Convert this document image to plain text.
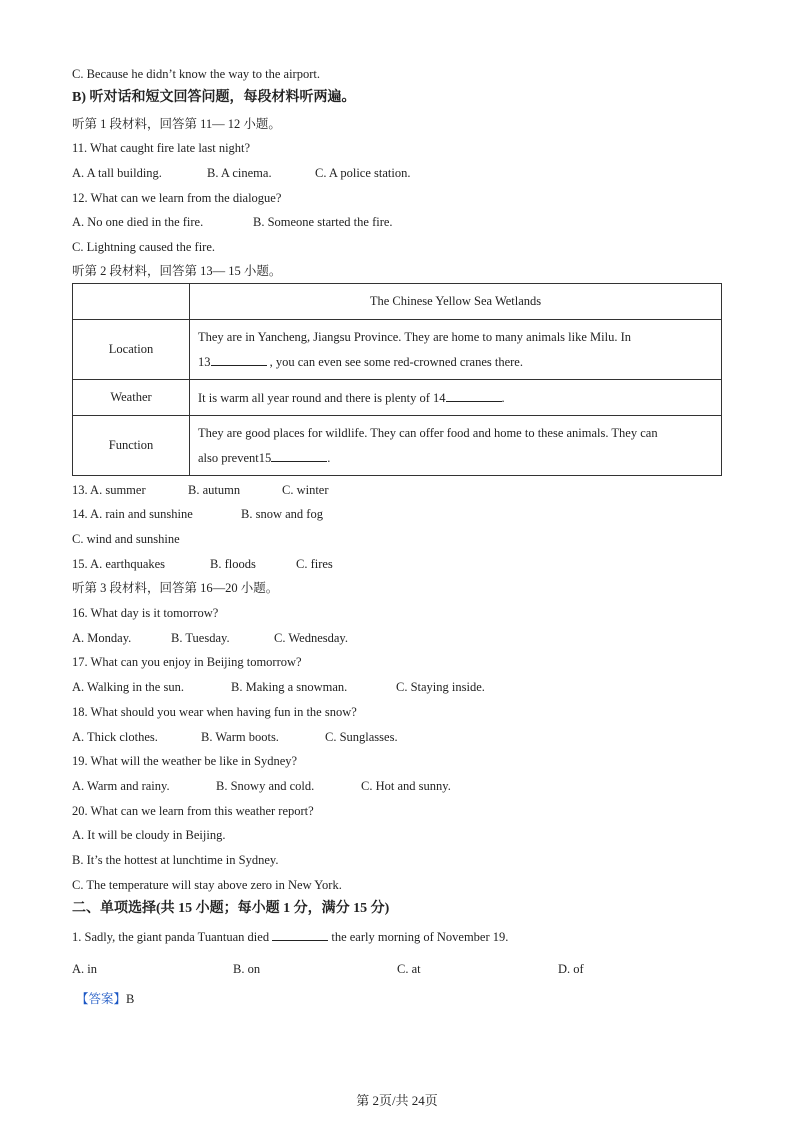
C. Because he didn’t know the way to the airport.
B) 听对话和短文回答问题，每段材料听两遍。
听第 1 段材料，回答第 11— 12 小题。
11. What caught fire late last night?
A. A tall building.	B. A cinema.	C. A police station.
12. What can we learn from the dialogue?
A. No one died in the fire.	B. Someone started the fire.
C. Lightning caused the fire.
听第 2 段材料，回答第 13— 15 小题。
	The Chinese Yellow Sea Wetlands
Location	They are in Yancheng, Jiangsu Province. They are home to many animals like Milu. In
13 , you can even see some red-crowned cranes there.
Weather	It is warm all year round and there is plenty of 14 .
Function	They are good places for wildlife. They can offer food and home to these animals. They can
also prevent15 .
13. A. summer	B. autumn	C. winter
14. A. rain and sunshine	B. snow and fog
C. wind and sunshine
15. A. earthquakes	B. floods	C. fires
听第 3 段材料，回答第 16—20 小题。
16. What day is it tomorrow?
A. Monday.	B. Tuesday.	C. Wednesday.
17. What can you enjoy in Beijing tomorrow?
A. Walking in the sun.	B. Making a snowman.	C. Staying inside.
18. What should you wear when having fun in the snow?
A. Thick clothes.	B. Warm boots.	C. Sunglasses.
19. What will the weather be like in Sydney?
A. Warm and rainy.	B. Snowy and cold.	C. Hot and sunny.
20. What can we learn from this weather report?
A. It will be cloudy in Beijing.
B. It’s the hottest at lunchtime in Sydney.
C. The temperature will stay above zero in New York.
二、单项选择(共 15 小题；每小题 1 分，满分 15 分)
1. Sadly, the giant panda Tuantuan died	the early morning of November 19.
A. in	B. on	C. at	D. of
【答案】B
第 2页/共 24页
